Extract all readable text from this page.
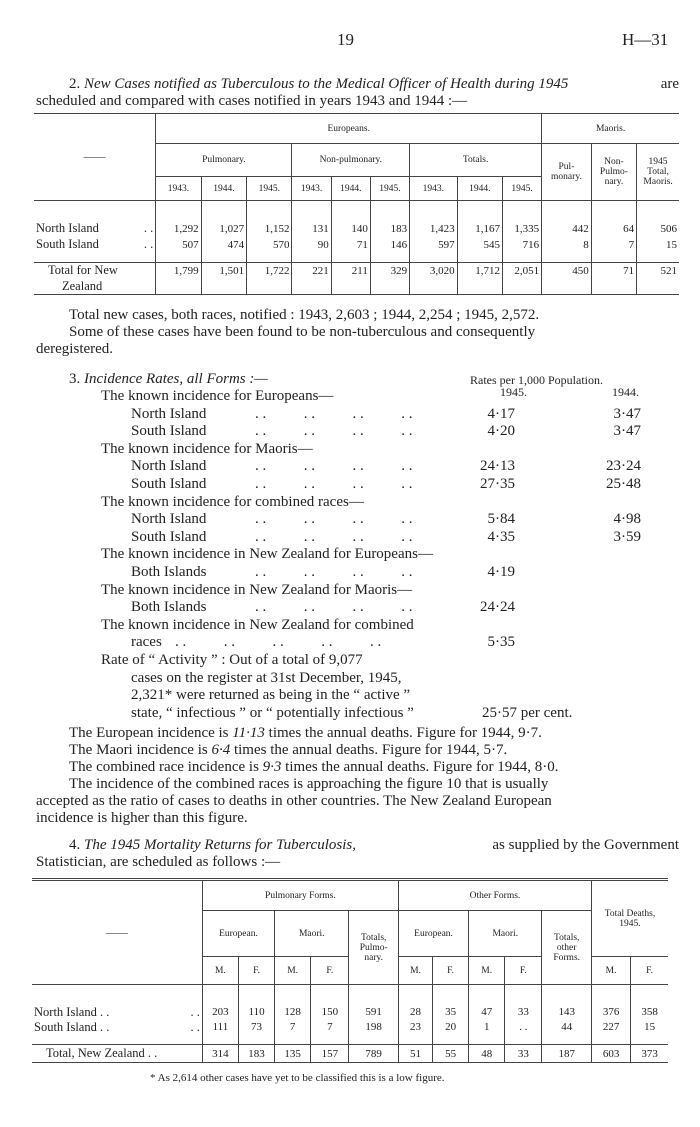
19	H—31
2. New Cases notified as Tuberculous to the Medical Officer of Health during 1945	are
scheduled and compared with cases notified in years 1943 and 1944 :—
——	Europeans.									Maoris.		
	Pulmonary.			Non-pulmonary.			Totals.			Pul-monary.	Non-Pulmo-nary.	1945 Total, Maoris.
	1943.	1944.	1945.	1943.	1944.	1945.	1943.	1944.	1945.			

North Island . .	1,292	1,027	1,152	131	140	183	1,423	1,167	1,335	442	64	506
South Island . .	507	474	570	90	71	146	597	545	716	8	7	15

Total for New	1,799	1,501	1,722	221	211	329	3,020	1,712	2,051	450	71	521
Zealand												
Total new cases, both races, notified : 1943, 2,603 ; 1944, 2,254 ; 1945, 2,572.
Some of these cases have been found to be non-tuberculous and consequently
deregistered.
3. Incidence Rates, all Forms :—	Rates per 1,000 Population.
1945.	1944.
The known incidence for Europeans—
North Island	. .          . .          . .          . .	4·17	3·47
South Island	. .          . .          . .          . .	4·20	3·47
The known incidence for Maoris—
North Island	. .          . .          . .          . .	24·13	23·24
South Island	. .          . .          . .          . .	27·35	25·48
The known incidence for combined races—
North Island	. .          . .          . .          . .	5·84	4·98
South Island	. .          . .          . .          . .	4·35	3·59
The known incidence in New Zealand for Europeans—
Both Islands	. .          . .          . .          . .	4·19
The known incidence in New Zealand for Maoris—
Both Islands	. .          . .          . .          . .	24·24
The known incidence in New Zealand for combined
races . .          . .          . .          . .          . .	5·35
Rate of “ Activity ” : Out of a total of 9,077
cases on the register at 31st December, 1945,
2,321* were returned as being in the “ active ”
state, “ infectious ” or “ potentially infectious ”	25·57 per cent.
The European incidence is 11·13 times the annual deaths. Figure for 1944, 9·7.
The Maori incidence is 6·4 times the annual deaths. Figure for 1944, 5·7.
The combined race incidence is 9·3 times the annual deaths. Figure for 1944, 8·0.
The incidence of the combined races is approaching the figure 10 that is usually
accepted as the ratio of cases to deaths in other countries. The New Zealand European
incidence is higher than this figure.
4. The 1945 Mortality Returns for Tuberculosis,	as supplied by the Government
Statistician, are scheduled as follows :—
——	Pulmonary Forms.					Other Forms.					Total Deaths, 1945.	
	European.		Maori.		Totals, Pulmo-nary.	European.		Maori.		Totals, other Forms.		
	M.	F.	M.	F.		M.	F.	M.	F.		M.	F.

North Island . . . .	203	110	128	150	591	28	35	47	33	143	376	358
South Island . . . .	111	73	7	7	198	23	20	1	. .	44	227	15

Total, New Zealand . .	314	183	135	157	789	51	55	48	33	187	603	373
* As 2,614 other cases have yet to be classified this is a low figure.
